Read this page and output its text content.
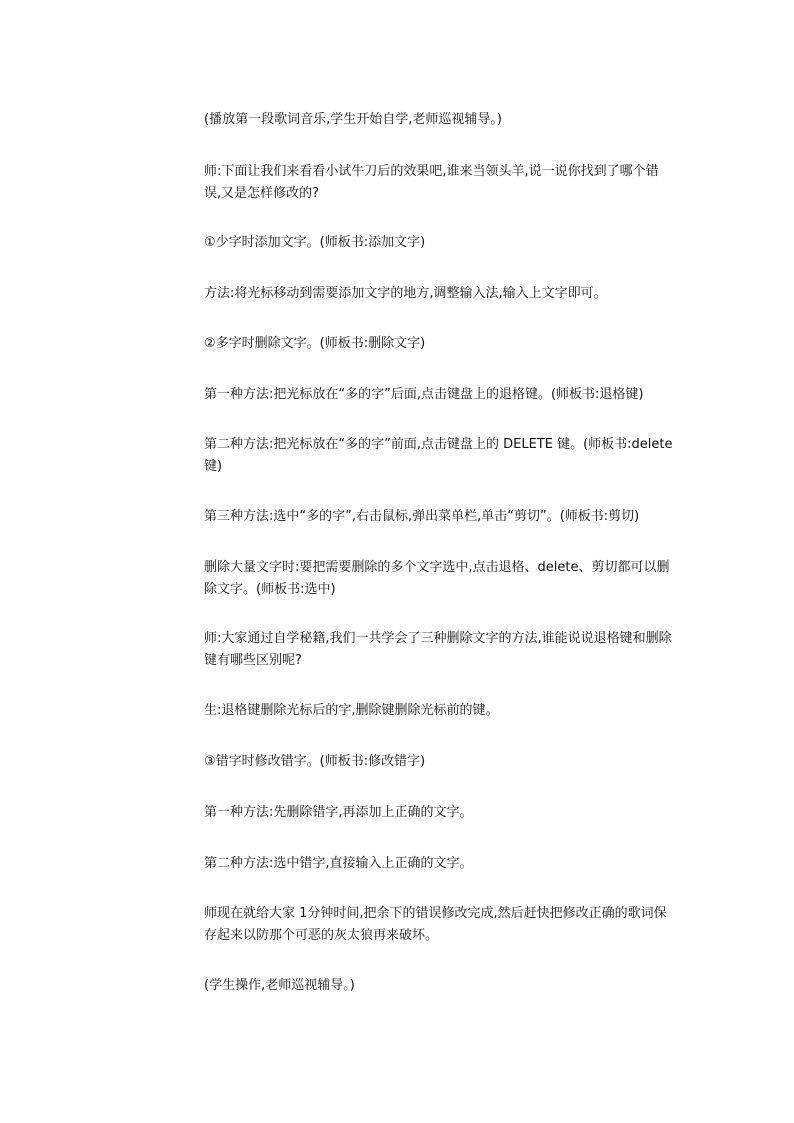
(播放第一段歌词音乐,学生开始自学,老师巡视辅导。)

师:下面让我们来看看小试牛刀后的效果吧,谁来当领头羊,说一说你找到了哪个错误,又是怎样修改的?

①少字时添加文字。(师板书:添加文字)

方法:将光标移动到需要添加文字的地方,调整输入法,输入上文字即可。

②多字时删除文字。(师板书:删除文字)

第一种方法:把光标放在“多的字”后面,点击键盘上的退格键。(师板书:退格键)

第二种方法:把光标放在“多的字”前面,点击键盘上的 DELETE 键。(师板书:delete 键)

第三种方法:选中“多的字”,右击鼠标,弹出菜单栏,单击“剪切”。(师板书:剪切)

删除大量文字时:要把需要删除的多个文字选中,点击退格、delete、剪切都可以删除文字。(师板书:选中)

师:大家通过自学秘籍,我们一共学会了三种删除文字的方法,谁能说说退格键和删除键有哪些区别呢?

生:退格键删除光标后的字,删除键删除光标前的键。

③错字时修改错字。(师板书:修改错字)

第一种方法:先删除错字,再添加上正确的文字。

第二种方法:选中错字,直接输入上正确的文字。

师现在就给大家 1分钟时间,把余下的错误修改完成,然后赶快把修改正确的歌词保存起来以防那个可恶的灰太狼再来破坏。

(学生操作,老师巡视辅导。)
